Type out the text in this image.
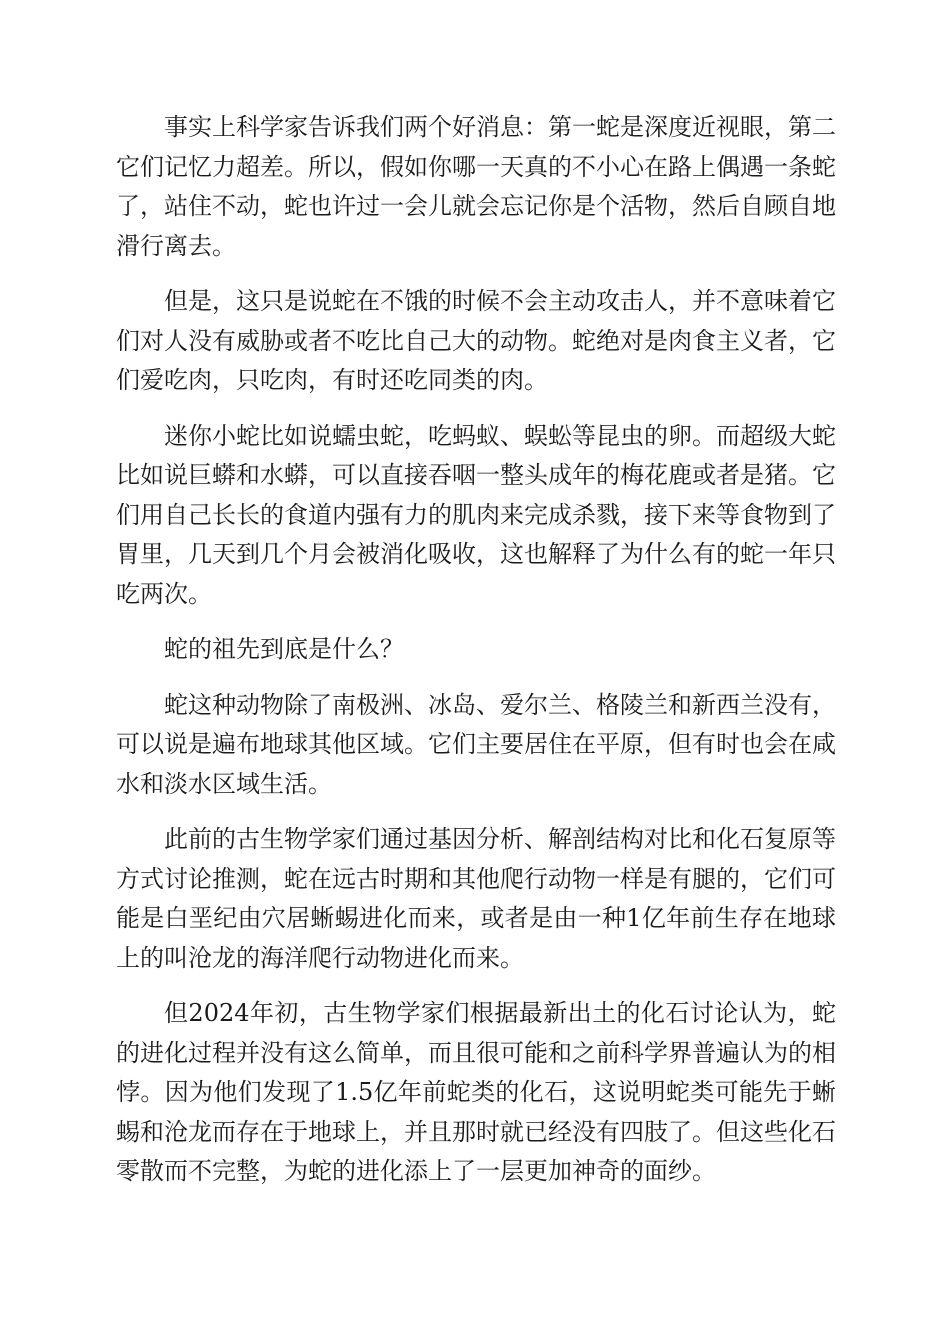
事实上科学家告诉我们两个好消息：第一蛇是深度近视眼，第二它们记忆力超差。所以，假如你哪一天真的不小心在路上偶遇一条蛇了，站住不动，蛇也许过一会儿就会忘记你是个活物，然后自顾自地滑行离去。

但是，这只是说蛇在不饿的时候不会主动攻击人，并不意味着它们对人没有威胁或者不吃比自己大的动物。蛇绝对是肉食主义者，它们爱吃肉，只吃肉，有时还吃同类的肉。

迷你小蛇比如说蠕虫蛇，吃蚂蚁、蜈蚣等昆虫的卵。而超级大蛇比如说巨蟒和水蟒，可以直接吞咽一整头成年的梅花鹿或者是猪。它们用自己长长的食道内强有力的肌肉来完成杀戮，接下来等食物到了胃里，几天到几个月会被消化吸收，这也解释了为什么有的蛇一年只吃两次。

蛇的祖先到底是什么？

蛇这种动物除了南极洲、冰岛、爱尔兰、格陵兰和新西兰没有，可以说是遍布地球其他区域。它们主要居住在平原，但有时也会在咸水和淡水区域生活。

此前的古生物学家们通过基因分析、解剖结构对比和化石复原等方式讨论推测，蛇在远古时期和其他爬行动物一样是有腿的，它们可能是白垩纪由穴居蜥蜴进化而来，或者是由一种1亿年前生存在地球上的叫沧龙的海洋爬行动物进化而来。

但2024年初，古生物学家们根据最新出土的化石讨论认为，蛇的进化过程并没有这么简单，而且很可能和之前科学界普遍认为的相悖。因为他们发现了1.5亿年前蛇类的化石，这说明蛇类可能先于蜥蜴和沧龙而存在于地球上，并且那时就已经没有四肢了。但这些化石零散而不完整，为蛇的进化添上了一层更加神奇的面纱。
